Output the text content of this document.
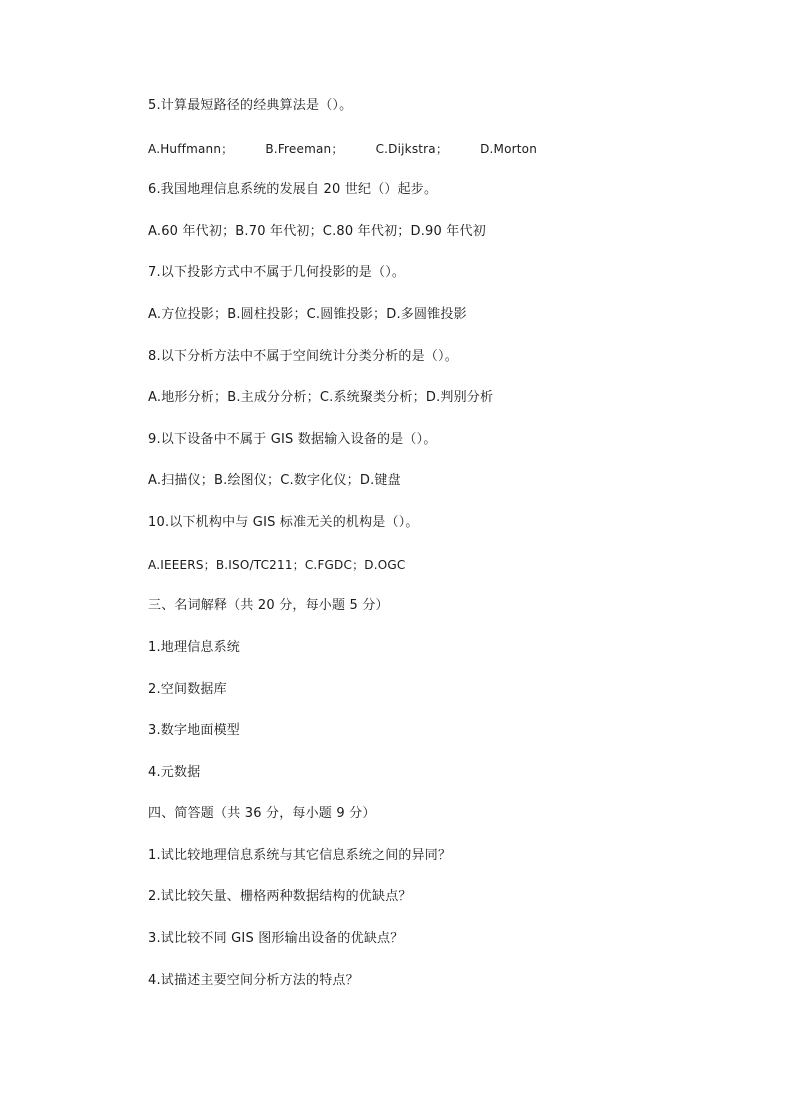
5.计算最短路径的经典算法是（）。
A.Huffmann；	B.Freeman；	C.Dijkstra；	D.Morton
6.我国地理信息系统的发展自 20 世纪（）起步。
A.60 年代初；B.70 年代初；C.80 年代初；D.90 年代初
7.以下投影方式中不属于几何投影的是（）。
A.方位投影；B.圆柱投影；C.圆锥投影；D.多圆锥投影
8.以下分析方法中不属于空间统计分类分析的是（）。
A.地形分析；B.主成分分析；C.系统聚类分析；D.判别分析
9.以下设备中不属于 GIS 数据输入设备的是（）。
A.扫描仪；B.绘图仪；C.数字化仪；D.键盘
10.以下机构中与 GIS 标准无关的机构是（）。
A.IEEERS；B.ISO/TC211；C.FGDC；D.OGC
三、名词解释（共 20 分，每小题 5 分）
1.地理信息系统
2.空间数据库
3.数字地面模型
4.元数据
四、简答题（共 36 分，每小题 9 分）
1.试比较地理信息系统与其它信息系统之间的异同？
2.试比较矢量、栅格两种数据结构的优缺点？
3.试比较不同 GIS 图形输出设备的优缺点？
4.试描述主要空间分析方法的特点？
